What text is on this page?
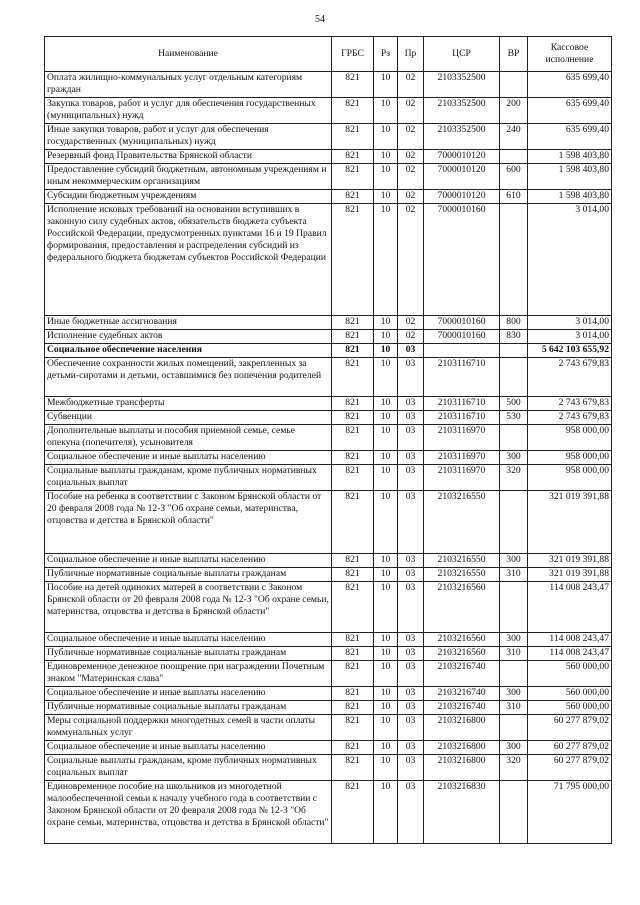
54
Наименование	ГРБС	Рз	Пр	ЦСР	ВР	Кассовое исполнение
Оплата жилищно-коммунальных услуг отдельным категориям граждан	821	10	02	2103352500		635 699,40
Закупка товаров, работ и услуг для обеспечения государственных (муниципальных) нужд	821	10	02	2103352500	200	635 699,40
Иные закупки товаров, работ и услуг для обеспечения государственных (муниципальных) нужд	821	10	02	2103352500	240	635 699,40
Резервный фонд Правительства Брянской области	821	10	02	7000010120		1 598 403,80
Предоставление субсидий бюджетным, автономным учреждениям и иным некоммерческим организациям	821	10	02	7000010120	600	1 598 403,80
Субсидии бюджетным учреждениям	821	10	02	7000010120	610	1 598 403,80
Исполнение исковых требований на основании вступивших в законную силу судебных актов, обязательств бюджета субъекта Российской Федерации, предусмотренных пунктами 16 и 19 Правил формирования, предоставления и распределения субсидий из федерального бюджета бюджетам субъектов Российской Федерации	821	10	02	7000010160		3 014,00
Иные бюджетные ассигнования	821	10	02	7000010160	800	3 014,00
Исполнение судебных актов	821	10	02	7000010160	830	3 014,00
Социальное обеспечение населения	821	10	03			5 642 103 655,92
Обеспечение сохранности жилых помещений, закрепленных за детьми-сиротами и детьми, оставшимися без попечения родителей	821	10	03	2103116710		2 743 679,83
Межбюджетные трансферты	821	10	03	2103116710	500	2 743 679,83
Субвенции	821	10	03	2103116710	530	2 743 679,83
Дополнительные выплаты и пособия приемной семье, семье опекуна (попечителя), усыновителя	821	10	03	2103116970		958 000,00
Социальное обеспечение и иные выплаты населению	821	10	03	2103116970	300	958 000,00
Социальные выплаты гражданам, кроме публичных нормативных социальных выплат	821	10	03	2103116970	320	958 000,00
Пособие на ребенка в соответствии с Законом Брянской области от 20 февраля 2008 года № 12-З "Об охране семьи, материнства, отцовства и детства в Брянской области"	821	10	03	2103216550		321 019 391,88
Социальное обеспечение и иные выплаты населению	821	10	03	2103216550	300	321 019 391,88
Публичные нормативные социальные выплаты гражданам	821	10	03	2103216550	310	321 019 391,88
Пособие на детей одиноких матерей в соответствии с Законом Брянской области от 20 февраля 2008 года № 12-З "Об охране семьи, материнства, отцовства и детства в Брянской области"	821	10	03	2103216560		114 008 243,47
Социальное обеспечение и иные выплаты населению	821	10	03	2103216560	300	114 008 243,47
Публичные нормативные социальные выплаты гражданам	821	10	03	2103216560	310	114 008 243,47
Единовременное денежное поощрение при награждении Почетным знаком "Материнская слава"	821	10	03	2103216740		560 000,00
Социальное обеспечение и иные выплаты населению	821	10	03	2103216740	300	560 000,00
Публичные нормативные социальные выплаты гражданам	821	10	03	2103216740	310	560 000,00
Меры социальной поддержки многодетных семей в части оплаты коммунальных услуг	821	10	03	2103216800		60 277 879,02
Социальное обеспечение и иные выплаты населению	821	10	03	2103216800	300	60 277 879,02
Социальные выплаты гражданам, кроме публичных нормативных социальных выплат	821	10	03	2103216800	320	60 277 879,02
Единовременное пособие на школьников из многодетной малообеспеченной семьи к началу учебного года в соответствии с Законом Брянской области от 20 февраля 2008 года № 12-З "Об охране семьи, материнства, отцовства и детства в Брянской области"	821	10	03	2103216830		71 795 000,00
